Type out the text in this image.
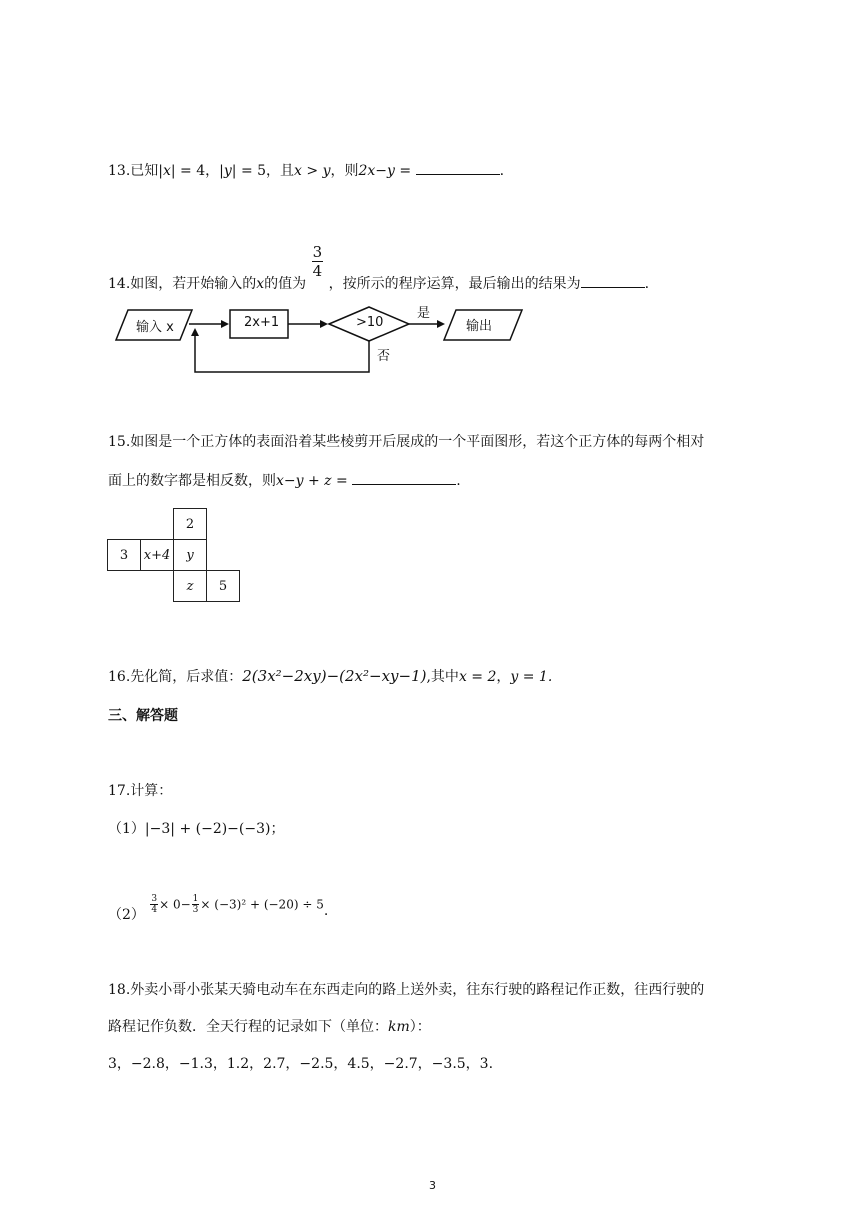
13.已知|x| = 4，|y| = 5，且x > y，则2x−y =	.
14.如图，若开始输入的x的值为
$\frac{3}{4}$
，按所示的程序运算，最后输出的结果为	.
输入 x	2x+1	>10
是
否
输出
15.如图是一个正方体的表面沿着某些棱剪开后展成的一个平面图形，若这个正方体的每两个相对
面上的数字都是相反数，则x−y + z =	.
		2	
3	x+4	y	
		z	5
16.先化简，后求值：2(3x²−2xy)−(2x²−xy−1),其中x = 2，y = 1.
三、解答题
17.计算：
（1）|−3| + (−2)−(−3)；
$(2) \frac{3}{4} \times 0- \frac{1}{3} \times (-3)^2 + (-20) \div 5$.
18.外卖小哥小张某天骑电动车在东西走向的路上送外卖，往东行驶的路程记作正数，往西行驶的
路程记作负数．全天行程的记录如下（单位：km）：
3，−2.8，−1.3，1.2，2.7，−2.5，4.5，−2.7，−3.5，3.
3
